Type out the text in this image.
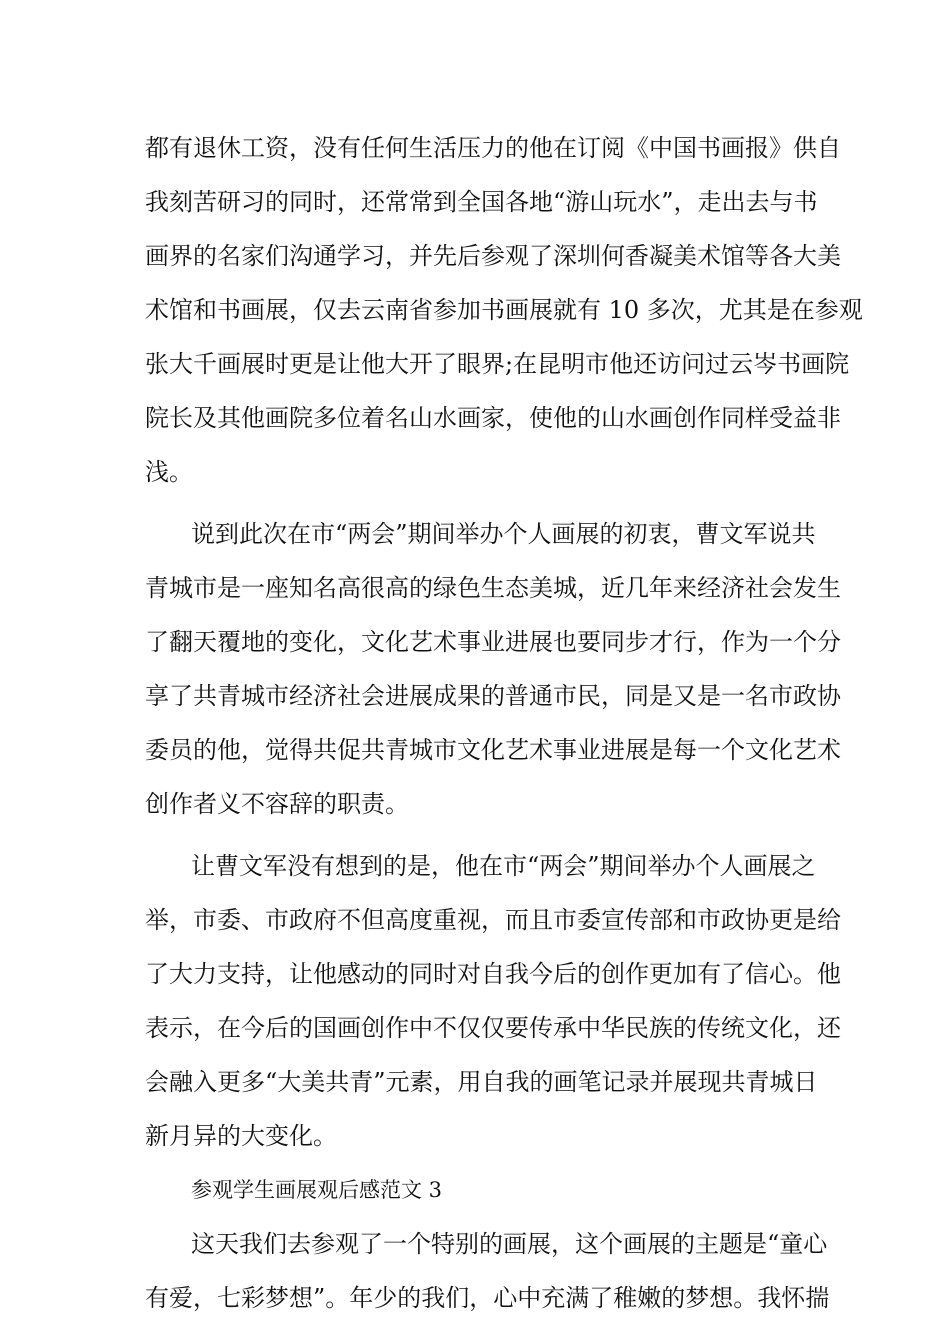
都有退休工资，没有任何生活压力的他在订阅《中国书画报》供自
我刻苦研习的同时，还常常到全国各地“游山玩水”，走出去与书
画界的名家们沟通学习，并先后参观了深圳何香凝美术馆等各大美
术馆和书画展，仅去云南省参加书画展就有 10 多次，尤其是在参观
张大千画展时更是让他大开了眼界;在昆明市他还访问过云岑书画院
院长及其他画院多位着名山水画家，使他的山水画创作同样受益非
浅。
说到此次在市“两会”期间举办个人画展的初衷，曹文军说共
青城市是一座知名高很高的绿色生态美城，近几年来经济社会发生
了翻天覆地的变化，文化艺术事业进展也要同步才行，作为一个分
享了共青城市经济社会进展成果的普通市民，同是又是一名市政协
委员的他，觉得共促共青城市文化艺术事业进展是每一个文化艺术
创作者义不容辞的职责。
让曹文军没有想到的是，他在市“两会”期间举办个人画展之
举，市委、市政府不但高度重视，而且市委宣传部和市政协更是给
了大力支持，让他感动的同时对自我今后的创作更加有了信心。他
表示，在今后的国画创作中不仅仅要传承中华民族的传统文化，还
会融入更多“大美共青”元素，用自我的画笔记录并展现共青城日
新月异的大变化。
参观学生画展观后感范文 3
这天我们去参观了一个特别的画展，这个画展的主题是“童心
有爱，七彩梦想”。年少的我们，心中充满了稚嫩的梦想。我怀揣
